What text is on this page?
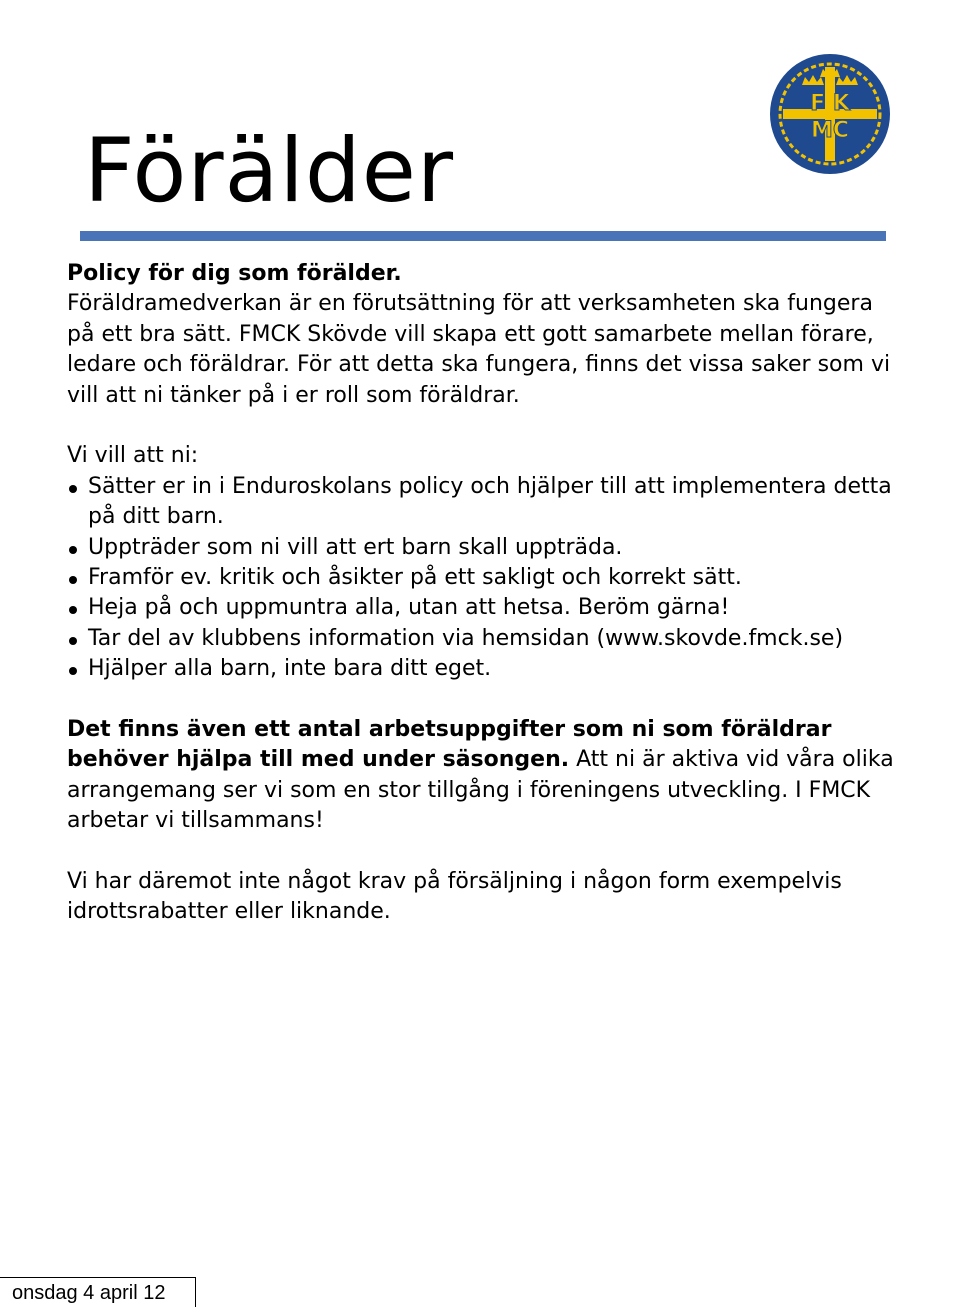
F K
MC
Förälder

Policy för dig som förälder.
Föräldramedverkan är en förutsättning för att verksamheten ska fungera på ett bra sätt. FMCK Skövde vill skapa ett gott samarbete mellan förare, ledare och föräldrar. För att detta ska fungera, finns det vissa saker som vi vill att ni tänker på i er roll som föräldrar.

Vi vill att ni:

Sätter er in i Enduroskolans policy och hjälper till att implementera detta på ditt barn.
Uppträder som ni vill att ert barn skall uppträda.
Framför ev. kritik och åsikter på ett sakligt och korrekt sätt.
Heja på och uppmuntra alla, utan att hetsa. Beröm gärna!
Tar del av klubbens information via hemsidan (www.skovde.fmck.se)
Hjälper alla barn, inte bara ditt eget.

Det finns även ett antal arbetsuppgifter som ni som föräldrar behöver hjälpa till med under säsongen. Att ni är aktiva vid våra olika arrangemang ser vi som en stor tillgång i föreningens utveckling. I FMCK arbetar vi tillsammans!

Vi har däremot inte något krav på försäljning i någon form exempelvis idrottsrabatter eller liknande.

onsdag 4 april 12
